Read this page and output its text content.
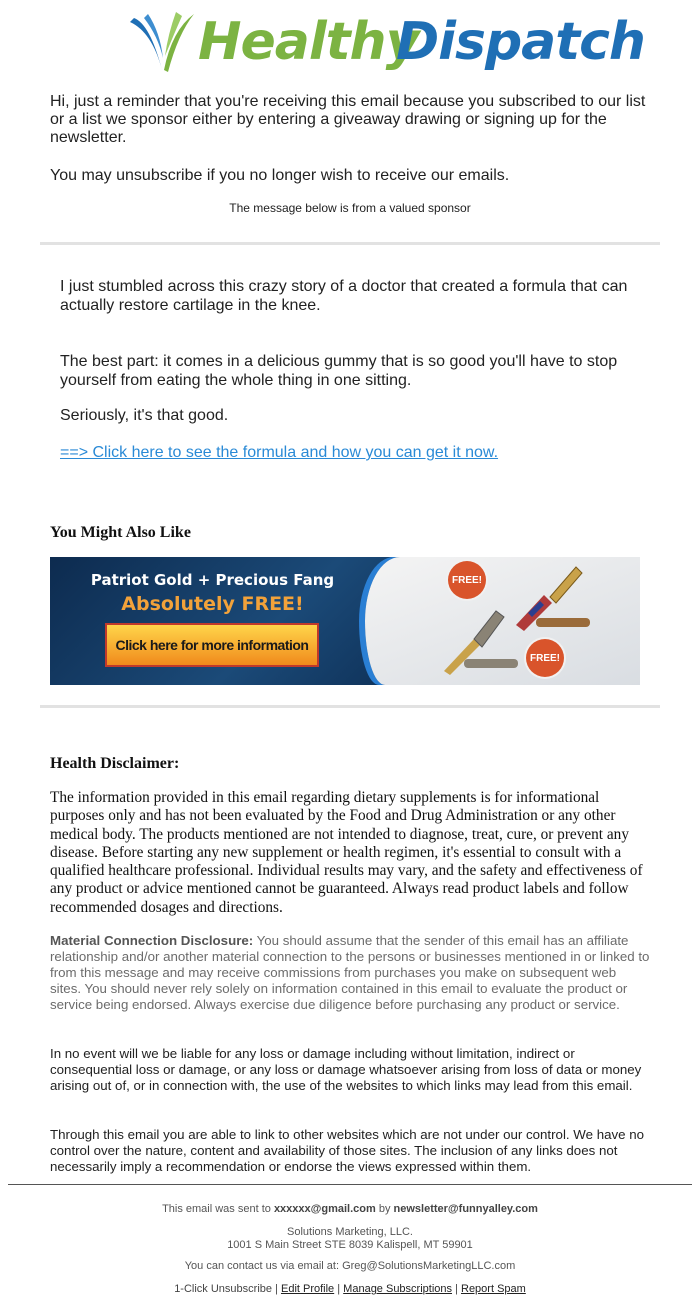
Healthy
Dispatch
Hi, just a reminder that you're receiving this email because you subscribed to our list or a list we sponsor either by entering a giveaway drawing or signing up for the newsletter.
You may unsubscribe if you no longer wish to receive our emails.
The message below is from a valued sponsor
I just stumbled across this crazy story of a doctor that created a formula that can actually restore cartilage in the knee.
The best part: it comes in a delicious gummy that is so good you'll have to stop yourself from eating the whole thing in one sitting.
Seriously, it's that good.
==> Click here to see the formula and how you can get it now.
You Might Also Like
Patriot Gold + Precious Fang
Absolutely FREE!
Click here for more information
FREE!
FREE!
Health Disclaimer:
The information provided in this email regarding dietary supplements is for informational purposes only and has not been evaluated by the Food and Drug Administration or any other medical body. The products mentioned are not intended to diagnose, treat, cure, or prevent any disease. Before starting any new supplement or health regimen, it's essential to consult with a qualified healthcare professional. Individual results may vary, and the safety and effectiveness of any product or advice mentioned cannot be guaranteed. Always read product labels and follow recommended dosages and directions.
Material Connection Disclosure: You should assume that the sender of this email has an affiliate relationship and/or another material connection to the persons or businesses mentioned in or linked to from this message and may receive commissions from purchases you make on subsequent web sites. You should never rely solely on information contained in this email to evaluate the product or service being endorsed. Always exercise due diligence before purchasing any product or service.
In no event will we be liable for any loss or damage including without limitation, indirect or consequential loss or damage, or any loss or damage whatsoever arising from loss of data or money arising out of, or in connection with, the use of the websites to which links may lead from this email.
Through this email you are able to link to other websites which are not under our control. We have no control over the nature, content and availability of those sites. The inclusion of any links does not necessarily imply a recommendation or endorse the views expressed within them.
This email was sent to xxxxxx@gmail.com by newsletter@funnyalley.com
Solutions Marketing, LLC.
1001 S Main Street STE 8039 Kalispell, MT 59901
You can contact us via email at: Greg@SolutionsMarketingLLC.com
1-Click Unsubscribe | Edit Profile | Manage Subscriptions | Report Spam
